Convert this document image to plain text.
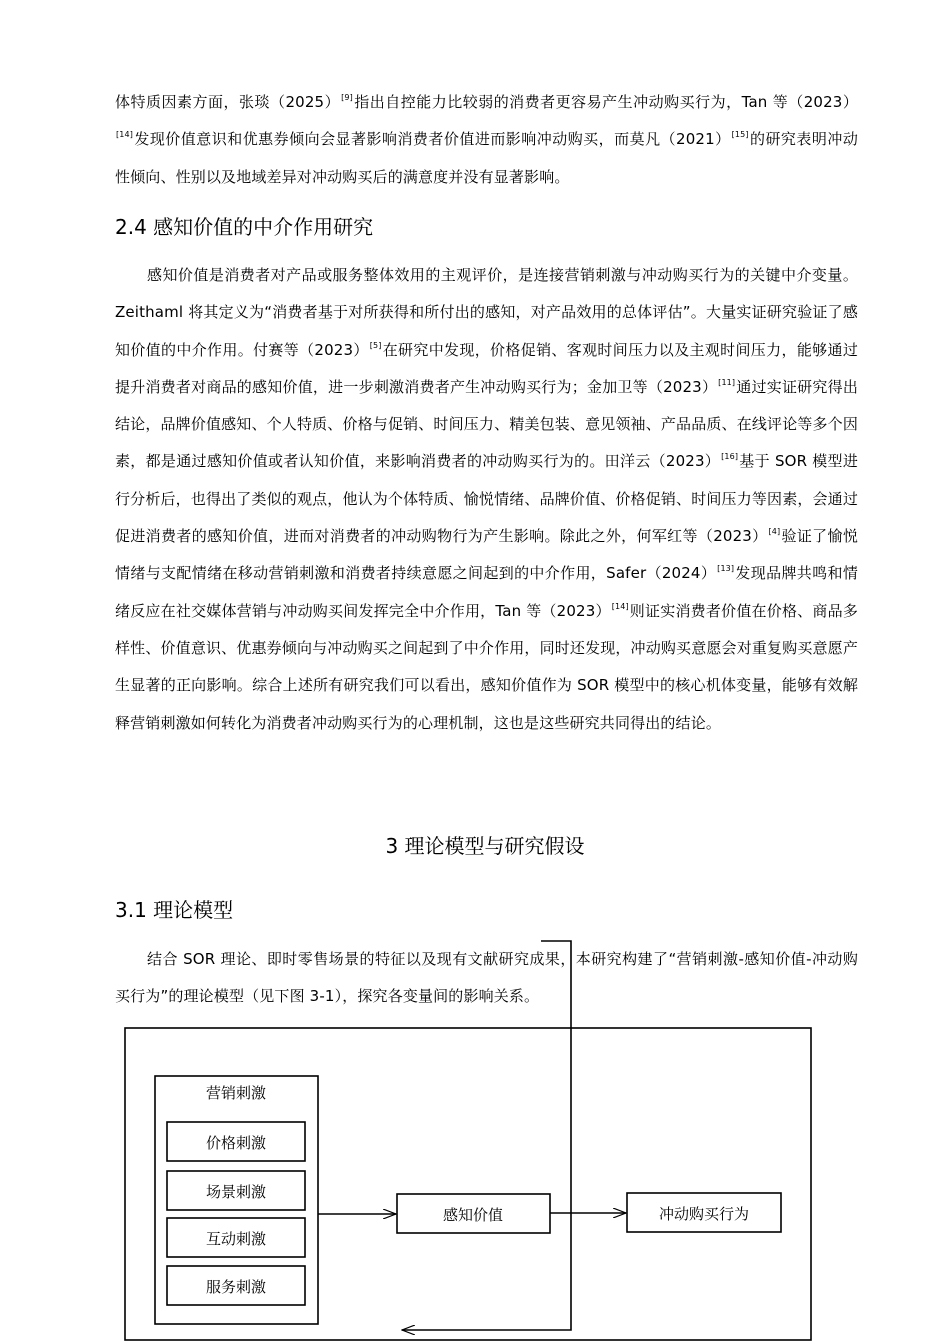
体特质因素方面，张琰（2025）[9]指出自控能力比较弱的消费者更容易产生冲动购买行为，Tan 等（2023）[14]发现价值意识和优惠券倾向会显著影响消费者价值进而影响冲动购买，而莫凡（2021）[15]的研究表明冲动性倾向、性别以及地域差异对冲动购买后的满意度并没有显著影响。

2.4 感知价值的中介作用研究

感知价值是消费者对产品或服务整体效用的主观评价，是连接营销刺激与冲动购买行为的关键中介变量。Zeithaml 将其定义为“消费者基于对所获得和所付出的感知，对产品效用的总体评估”。大量实证研究验证了感知价值的中介作用。付赛等（2023）[5]在研究中发现，价格促销、客观时间压力以及主观时间压力，能够通过提升消费者对商品的感知价值，进一步刺激消费者产生冲动购买行为；金加卫等（2023）[11]通过实证研究得出结论，品牌价值感知、个人特质、价格与促销、时间压力、精美包装、意见领袖、产品品质、在线评论等多个因素，都是通过感知价值或者认知价值，来影响消费者的冲动购买行为的。田洋云（2023）[16]基于 SOR 模型进行分析后，也得出了类似的观点，他认为个体特质、愉悦情绪、品牌价值、价格促销、时间压力等因素，会通过促进消费者的感知价值，进而对消费者的冲动购物行为产生影响。除此之外，何军红等（2023）[4]验证了愉悦情绪与支配情绪在移动营销刺激和消费者持续意愿之间起到的中介作用，Safer（2024）[13]发现品牌共鸣和情绪反应在社交媒体营销与冲动购买间发挥完全中介作用，Tan 等（2023）[14]则证实消费者价值在价格、商品多样性、价值意识、优惠券倾向与冲动购买之间起到了中介作用，同时还发现，冲动购买意愿会对重复购买意愿产生显著的正向影响。综合上述所有研究我们可以看出，感知价值作为 SOR 模型中的核心机体变量，能够有效解释营销刺激如何转化为消费者冲动购买行为的心理机制，这也是这些研究共同得出的结论。

3 理论模型与研究假设
3.1 理论模型

结合 SOR 理论、即时零售场景的特征以及现有文献研究成果，本研究构建了“营销刺激-感知价值-冲动购买行为”的理论模型（见下图 3-1），探究各变量间的影响关系。

营销刺激
价格刺激
场景刺激
互动刺激
服务刺激
感知价值	冲动购买行为
